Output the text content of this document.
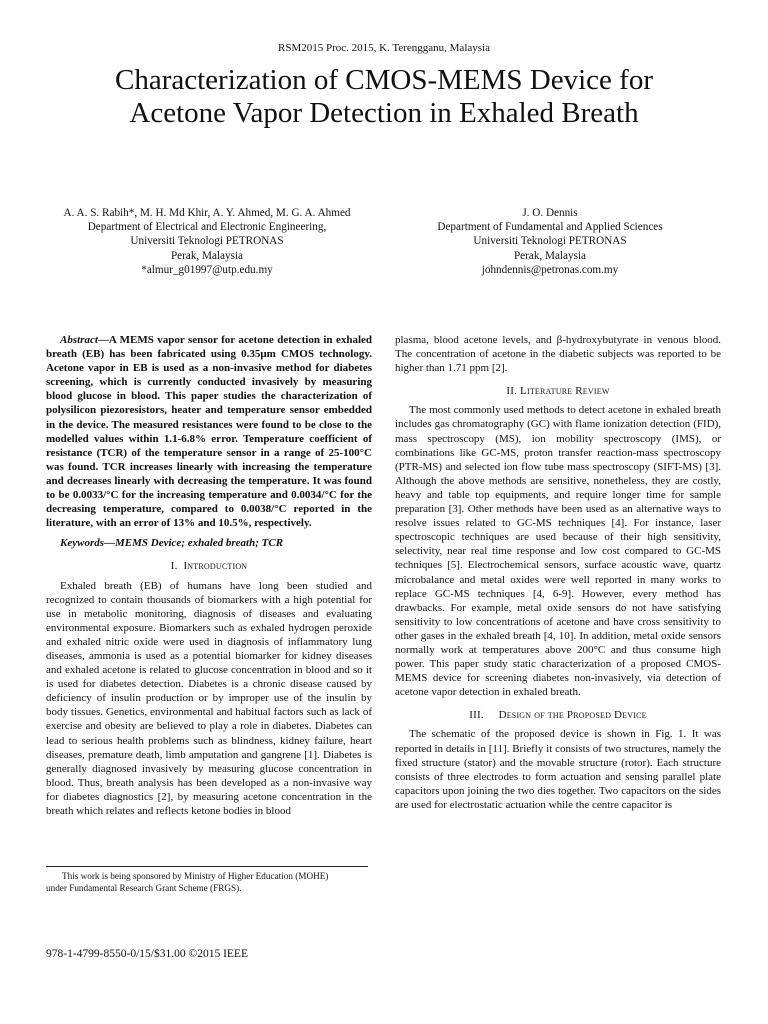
RSM2015 Proc. 2015, K. Terengganu, Malaysia
Characterization of CMOS-MEMS Device for
Acetone Vapor Detection in Exhaled Breath
A. A. S. Rabih*, M. H. Md Khir, A. Y. Ahmed, M. G. A. Ahmed
Department of Electrical and Electronic Engineering,
Universiti Teknologi PETRONAS
Perak, Malaysia
*almur_g01997@utp.edu.my
J. O. Dennis
Department of Fundamental and Applied Sciences
Universiti Teknologi PETRONAS
Perak, Malaysia
johndennis@petronas.com.my

Abstract—A MEMS vapor sensor for acetone detection in exhaled breath (EB) has been fabricated using 0.35μm CMOS technology. Acetone vapor in EB is used as a non-invasive method for diabetes screening, which is currently conducted invasively by measuring blood glucose in blood. This paper studies the characterization of polysilicon piezoresistors, heater and temperature sensor embedded in the device. The measured resistances were found to be close to the modelled values within 1.1-6.8% error. Temperature coefficient of resistance (TCR) of the temperature sensor in a range of 25-100°C was found. TCR increases linearly with increasing the temperature and decreases linearly with decreasing the temperature. It was found to be 0.0033/°C for the increasing temperature and 0.0034/°C for the decreasing temperature, compared to 0.0038/°C reported in the literature, with an error of 13% and 10.5%, respectively.

Keywords—MEMS Device; exhaled breath; TCR

I. Introduction

Exhaled breath (EB) of humans have long been studied and recognized to contain thousands of biomarkers with a high potential for use in metabolic monitoring, diagnosis of diseases and evaluating environmental exposure. Biomarkers such as exhaled hydrogen peroxide and exhaled nitric oxide were used in diagnosis of inflammatory lung diseases, ammonia is used as a potential biomarker for kidney diseases and exhaled acetone is related to glucose concentration in blood and so it is used for diabetes detection. Diabetes is a chronic disease caused by deficiency of insulin production or by improper use of the insulin by body tissues. Genetics, environmental and habitual factors such as lack of exercise and obesity are believed to play a role in diabetes. Diabetes can lead to serious health problems such as blindness, kidney failure, heart diseases, premature death, limb amputation and gangrene [1]. Diabetes is generally diagnosed invasively by measuring glucose concentration in blood. Thus, breath analysis has been developed as a non-invasive way for diabetes diagnostics [2], by measuring acetone concentration in the breath which relates and reflects ketone bodies in blood

plasma, blood acetone levels, and β-hydroxybutyrate in venous blood. The concentration of acetone in the diabetic subjects was reported to be higher than 1.71 ppm [2].

II. Literature Review

The most commonly used methods to detect acetone in exhaled breath includes gas chromatography (GC) with flame ionization detection (FID), mass spectroscopy (MS), ion mobility spectroscopy (IMS), or combinations like GC-MS, proton transfer reaction-mass spectroscopy (PTR-MS) and selected ion flow tube mass spectroscopy (SIFT-MS) [3]. Although the above methods are sensitive, nonetheless, they are costly, heavy and table top equipments, and require longer time for sample preparation [3]. Other methods have been used as an alternative ways to resolve issues related to GC-MS techniques [4]. For instance, laser spectroscopic techniques are used because of their high sensitivity, selectivity, near real time response and low cost compared to GC-MS techniques [5]. Electrochemical sensors, surface acoustic wave, quartz microbalance and metal oxides were well reported in many works to replace GC-MS techniques [4, 6-9]. However, every method has drawbacks. For example, metal oxide sensors do not have satisfying sensitivity to low concentrations of acetone and have cross sensitivity to other gases in the exhaled breath [4, 10]. In addition, metal oxide sensors normally work at temperatures above 200°C and thus consume high power. This paper study static characterization of a proposed CMOS-MEMS device for screening diabetes non-invasively, via detection of acetone vapor detection in exhaled breath.

III. Design of the Proposed Device

The schematic of the proposed device is shown in Fig. 1. It was reported in details in [11]. Briefly it consists of two structures, namely the fixed structure (stator) and the movable structure (rotor). Each structure consists of three electrodes to form actuation and sensing parallel plate capacitors upon joining the two dies together. Two capacitors on the sides are used for electrostatic actuation while the centre capacitor is

This work is being sponsored by Ministry of Higher Education (MOHE)
under Fundamental Research Grant Scheme (FRGS).
978-1-4799-8550-0/15/$31.00 ©2015 IEEE
